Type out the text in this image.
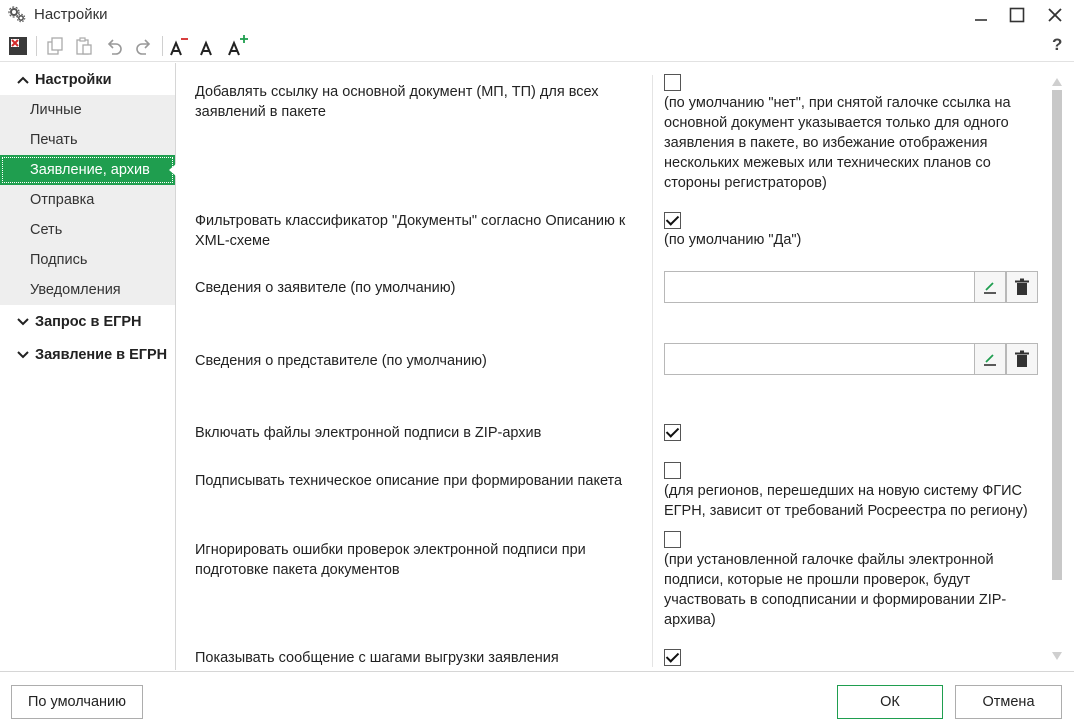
Настройки
?
Настройки
Личные
Печать
Заявление, архив
Отправка
Сеть
Подпись
Уведомления
Запрос в ЕГРН
Заявление в ЕГРН
Добавлять ссылку на основной документ (МП, ТП) для всех заявлений в пакете
(по умолчанию "нет", при снятой галочке ссылка на основной документ указывается только для одного заявления в пакете, во избежание отображения нескольких межевых или технических планов со стороны регистраторов)
Фильтровать классификатор "Документы" согласно Описанию к XML-схеме	(по умолчанию "Да")
Сведения о заявителе (по умолчанию)
Сведения о представителе (по умолчанию)
Включать файлы электронной подписи в ZIP-архив
Подписывать техническое описание при формировании пакета
(для регионов, перешедших на новую систему ФГИС ЕГРН, зависит от требований Росреестра по региону)
Игнорировать ошибки проверок электронной подписи при подготовке пакета документов
(при установленной галочке файлы электронной подписи, которые не прошли проверок, будут участвовать в соподписании и формировании ZIP-архива)
Показывать сообщение с шагами выгрузки заявления
По умолчанию	ОК	Отмена
